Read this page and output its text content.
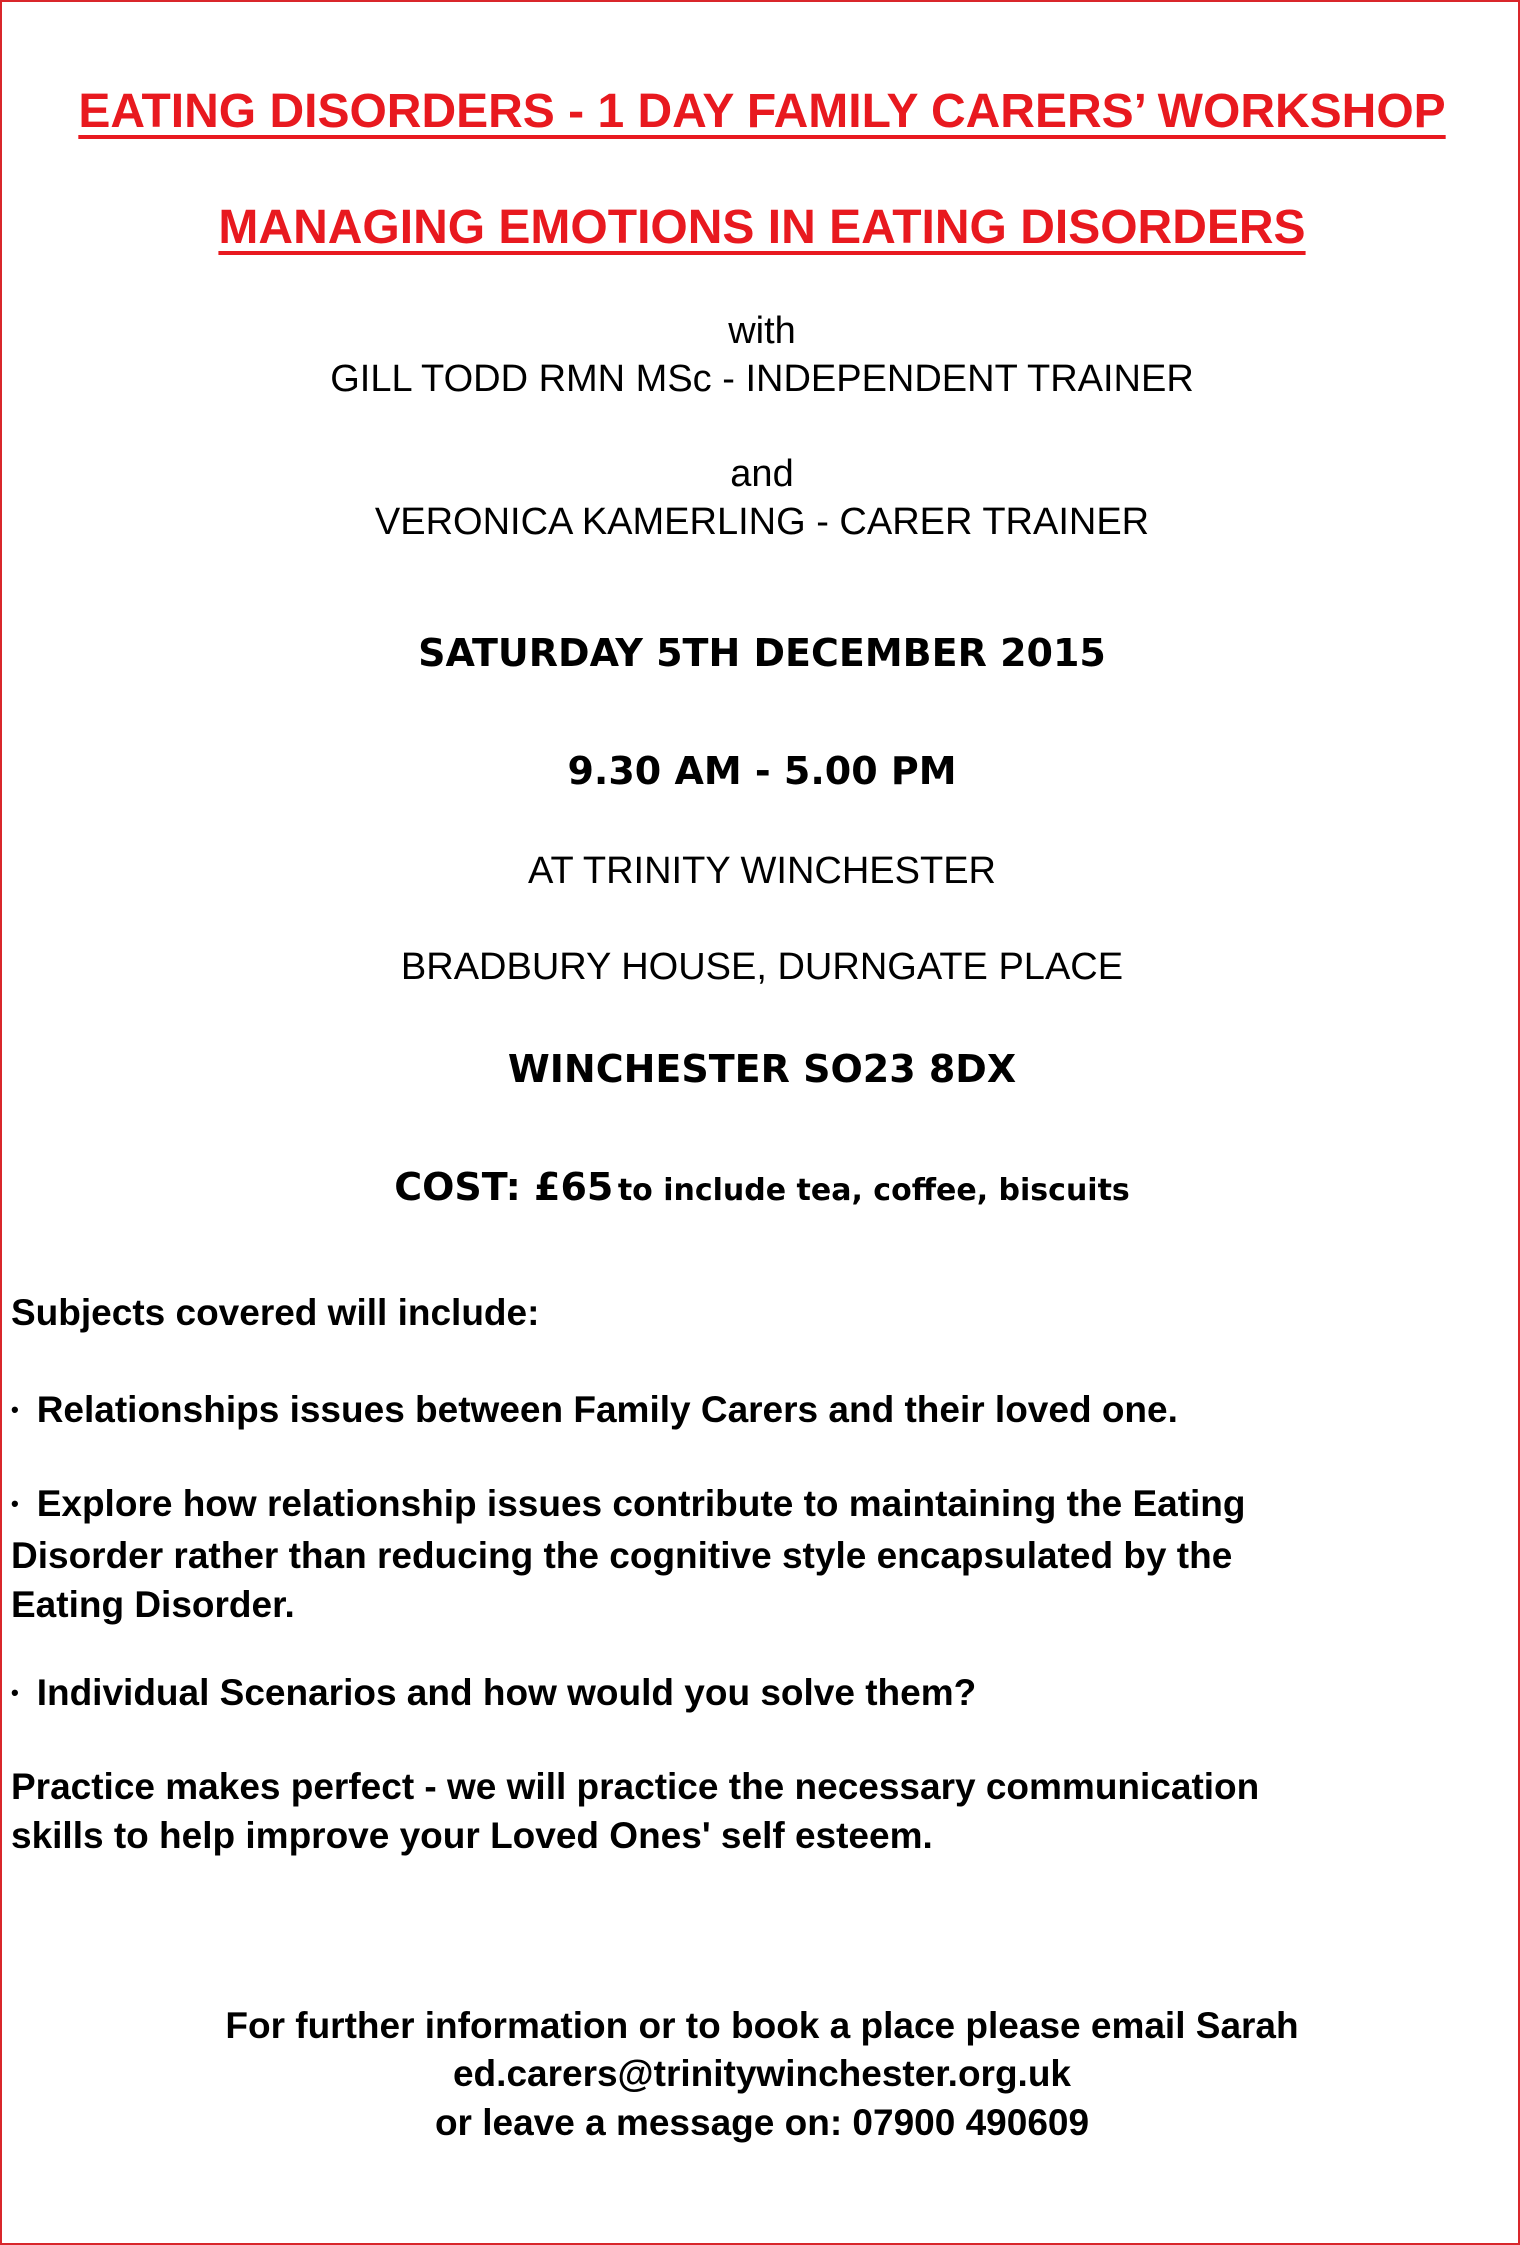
EATING DISORDERS - 1 DAY FAMILY CARERS’ WORKSHOP
MANAGING EMOTIONS IN EATING DISORDERS
with
GILL TODD RMN MSc - INDEPENDENT TRAINER
and
VERONICA KAMERLING - CARER TRAINER
SATURDAY 5TH DECEMBER 2015
9.30 AM - 5.00 PM
AT TRINITY WINCHESTER
BRADBURY HOUSE, DURNGATE PLACE
WINCHESTER SO23 8DX
COST: £65 to include tea, coffee, biscuits
Subjects covered will include:
• Relationships issues between Family Carers and their loved one.
• Explore how relationship issues contribute to maintaining the Eating
Disorder rather than reducing the cognitive style encapsulated by the
Eating Disorder.
• Individual Scenarios and how would you solve them?
Practice makes perfect - we will practice the necessary communication
skills to help improve your Loved Ones' self esteem.
For further information or to book a place please email Sarah
ed.carers@trinitywinchester.org.uk
or leave a message on: 07900 490609
